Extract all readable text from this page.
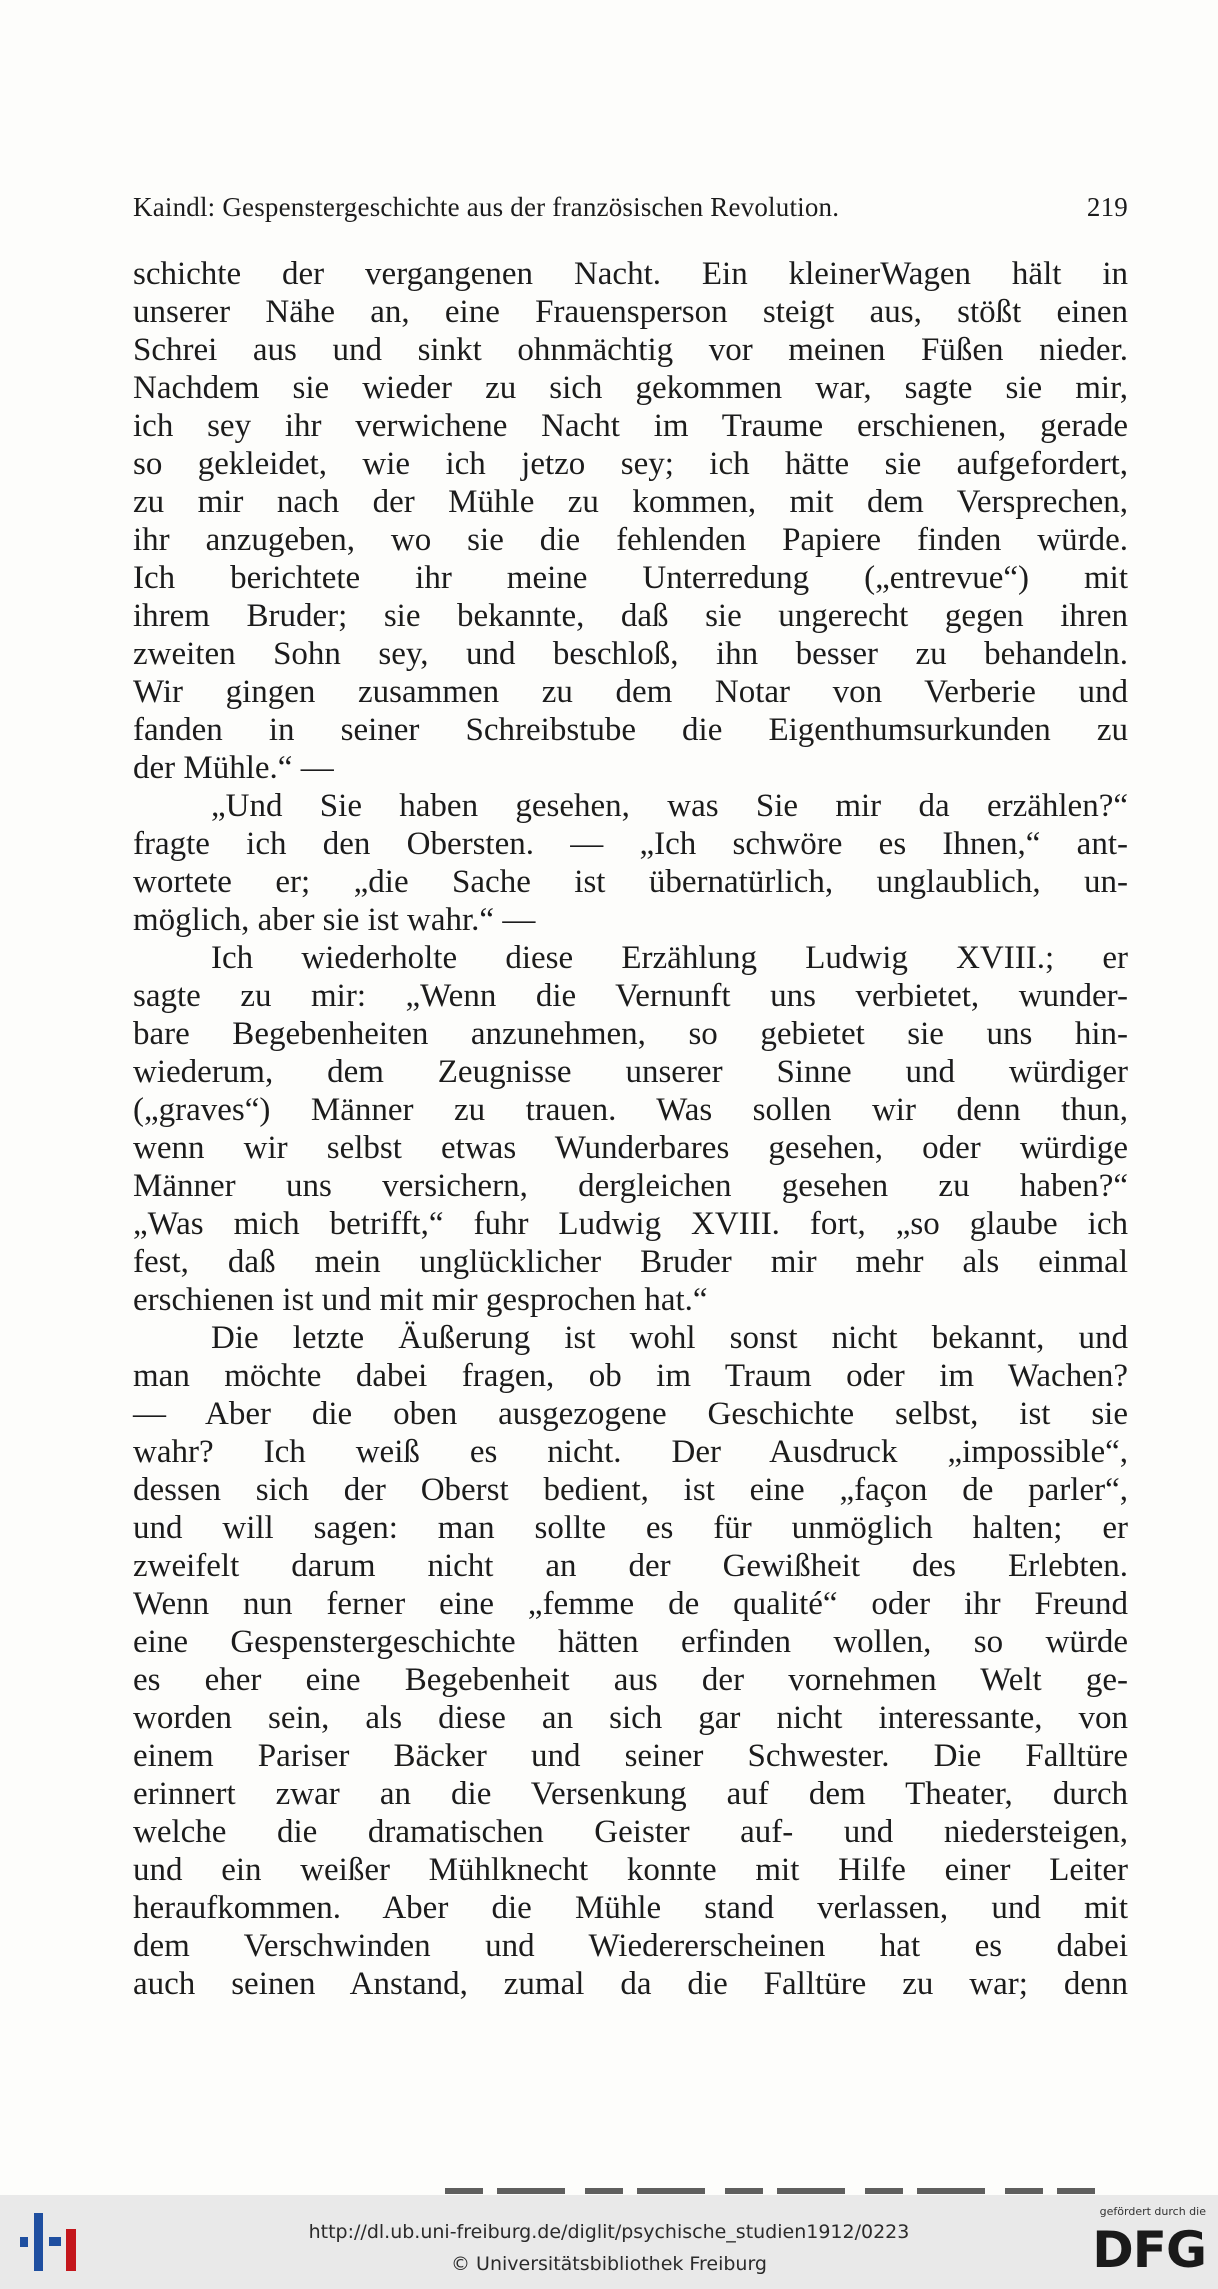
Kaindl: Gespenstergeschichte aus der französischen Revolution.	219

schichte der vergangenen Nacht. Ein kleinerWagen hält in

unserer Nähe an, eine Frauensperson steigt aus, stößt einen

Schrei aus und sinkt ohnmächtig vor meinen Füßen nieder.

Nachdem sie wieder zu sich gekommen war, sagte sie mir,

ich sey ihr verwichene Nacht im Traume erschienen, gerade

so gekleidet, wie ich jetzo sey; ich hätte sie aufgefordert,

zu mir nach der Mühle zu kommen, mit dem Versprechen,

ihr anzugeben, wo sie die fehlenden Papiere finden würde.

Ich berichtete ihr meine Unterredung („entrevue“) mit

ihrem Bruder; sie bekannte, daß sie ungerecht gegen ihren

zweiten Sohn sey, und beschloß, ihn besser zu behandeln.

Wir gingen zusammen zu dem Notar von Verberie und

fanden in seiner Schreibstube die Eigenthumsurkunden zu

der Mühle.“ —

„Und Sie haben gesehen, was Sie mir da erzählen?“

fragte ich den Obersten. — „Ich schwöre es Ihnen,“ ant-

wortete er; „die Sache ist übernatürlich, unglaublich, un-

möglich, aber sie ist wahr.“ —

Ich wiederholte diese Erzählung Ludwig XVIII.; er

sagte zu mir: „Wenn die Vernunft uns verbietet, wunder-

bare Begebenheiten anzunehmen, so gebietet sie uns hin-

wiederum, dem Zeugnisse unserer Sinne und würdiger

(„graves“) Männer zu trauen. Was sollen wir denn thun,

wenn wir selbst etwas Wunderbares gesehen, oder würdige

Männer uns versichern, dergleichen gesehen zu haben?“

„Was mich betrifft,“ fuhr Ludwig XVIII. fort, „so glaube ich

fest, daß mein unglücklicher Bruder mir mehr als einmal

erschienen ist und mit mir gesprochen hat.“

Die letzte Äußerung ist wohl sonst nicht bekannt, und

man möchte dabei fragen, ob im Traum oder im Wachen?

— Aber die oben ausgezogene Geschichte selbst, ist sie

wahr? Ich weiß es nicht. Der Ausdruck „impossible“,

dessen sich der Oberst bedient, ist eine „façon de parler“,

und will sagen: man sollte es für unmöglich halten; er

zweifelt darum nicht an der Gewißheit des Erlebten.

Wenn nun ferner eine „femme de qualité“ oder ihr Freund

eine Gespenstergeschichte hätten erfinden wollen, so würde

es eher eine Begebenheit aus der vornehmen Welt ge-

worden sein, als diese an sich gar nicht interessante, von

einem Pariser Bäcker und seiner Schwester. Die Falltüre

erinnert zwar an die Versenkung auf dem Theater, durch

welche die dramatischen Geister auf- und niedersteigen,

und ein weißer Mühlknecht konnte mit Hilfe einer Leiter

heraufkommen. Aber die Mühle stand verlassen, und mit

dem Verschwinden und Wiedererscheinen hat es dabei

auch seinen Anstand, zumal da die Falltüre zu war; denn

http://dl.ub.uni-freiburg.de/diglit/psychische_studien1912/0223
© Universitätsbibliothek Freiburg
gefördert durch die
DFG
